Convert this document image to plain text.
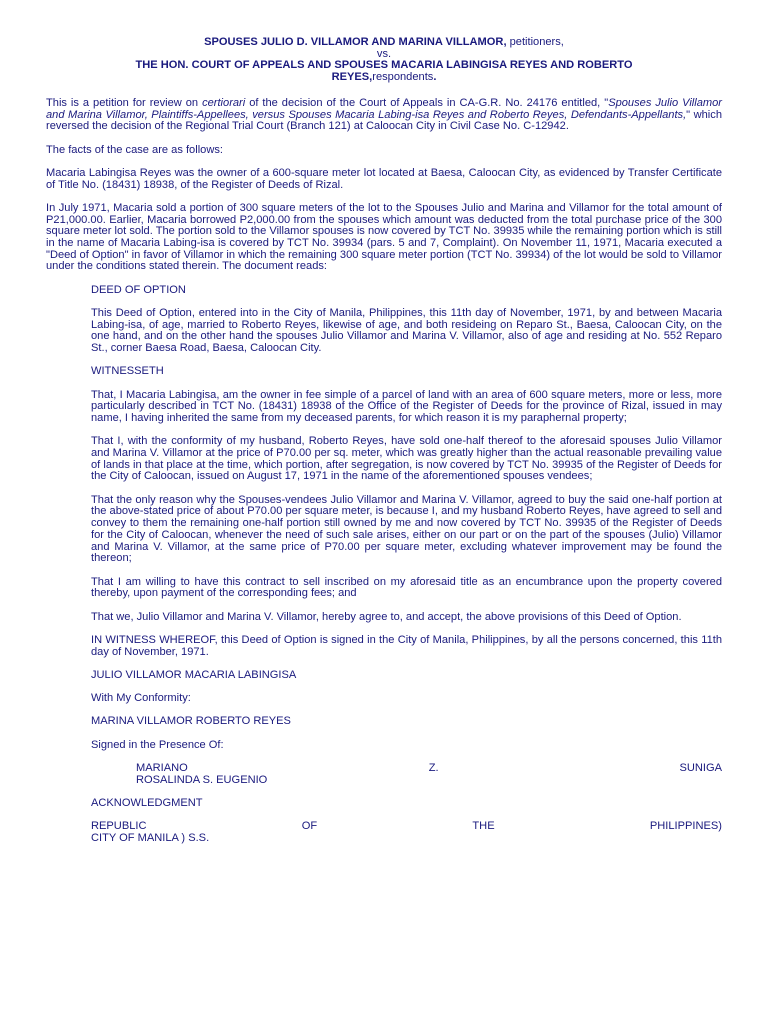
SPOUSES JULIO D. VILLAMOR AND MARINA VILLAMOR, petitioners,

vs.

THE HON. COURT OF APPEALS AND SPOUSES MACARIA LABINGISA REYES AND ROBERTO

REYES,respondents.

This is a petition for review on certiorari of the decision of the Court of Appeals in CA-G.R. No. 24176 entitled, "Spouses Julio Villamor and Marina Villamor, Plaintiffs-Appellees, versus Spouses Macaria Labing-isa Reyes and Roberto Reyes, Defendants-Appellants," which reversed the decision of the Regional Trial Court (Branch 121) at Caloocan City in Civil Case No. C-12942.

The facts of the case are as follows:

Macaria Labingisa Reyes was the owner of a 600-square meter lot located at Baesa, Caloocan City, as evidenced by Transfer Certificate of Title No. (18431) 18938, of the Register of Deeds of Rizal.

In July 1971, Macaria sold a portion of 300 square meters of the lot to the Spouses Julio and Marina and Villamor for the total amount of P21,000.00. Earlier, Macaria borrowed P2,000.00 from the spouses which amount was deducted from the total purchase price of the 300 square meter lot sold. The portion sold to the Villamor spouses is now covered by TCT No. 39935 while the remaining portion which is still in the name of Macaria Labing-isa is covered by TCT No. 39934 (pars. 5 and 7, Complaint). On November 11, 1971, Macaria executed a "Deed of Option" in favor of Villamor in which the remaining 300 square meter portion (TCT No. 39934) of the lot would be sold to Villamor under the conditions stated therein. The document reads:

DEED OF OPTION

This Deed of Option, entered into in the City of Manila, Philippines, this 11th day of November, 1971, by and between Macaria Labing-isa, of age, married to Roberto Reyes, likewise of age, and both resideing on Reparo St., Baesa, Caloocan City, on the one hand, and on the other hand the spouses Julio Villamor and Marina V. Villamor, also of age and residing at No. 552 Reparo St., corner Baesa Road, Baesa, Caloocan City.

WITNESSETH

That, I Macaria Labingisa, am the owner in fee simple of a parcel of land with an area of 600 square meters, more or less, more particularly described in TCT No. (18431) 18938 of the Office of the Register of Deeds for the province of Rizal, issued in may name, I having inherited the same from my deceased parents, for which reason it is my paraphernal property;

That I, with the conformity of my husband, Roberto Reyes, have sold one-half thereof to the aforesaid spouses Julio Villamor and Marina V. Villamor at the price of P70.00 per sq. meter, which was greatly higher than the actual reasonable prevailing value of lands in that place at the time, which portion, after segregation, is now covered by TCT No. 39935 of the Register of Deeds for the City of Caloocan, issued on August 17, 1971 in the name of the aforementioned spouses vendees;

That the only reason why the Spouses-vendees Julio Villamor and Marina V. Villamor, agreed to buy the said one-half portion at the above-stated price of about P70.00 per square meter, is because I, and my husband Roberto Reyes, have agreed to sell and convey to them the remaining one-half portion still owned by me and now covered by TCT No. 39935 of the Register of Deeds for the City of Caloocan, whenever the need of such sale arises, either on our part or on the part of the spouses (Julio) Villamor and Marina V. Villamor, at the same price of P70.00 per square meter, excluding whatever improvement may be found the thereon;

That I am willing to have this contract to sell inscribed on my aforesaid title as an encumbrance upon the property covered thereby, upon payment of the corresponding fees; and

That we, Julio Villamor and Marina V. Villamor, hereby agree to, and accept, the above provisions of this Deed of Option.

IN WITNESS WHEREOF, this Deed of Option is signed in the City of Manila, Philippines, by all the persons concerned, this 11th day of November, 1971.

JULIO VILLAMOR MACARIA LABINGISA

With My Conformity:

MARINA VILLAMOR ROBERTO REYES

Signed in the Presence Of:

MARIANO	Z.	SUNIGA
ROSALINDA S. EUGENIO

ACKNOWLEDGMENT

REPUBLIC	OF	THE	PHILIPPINES)
CITY OF MANILA ) S.S.
